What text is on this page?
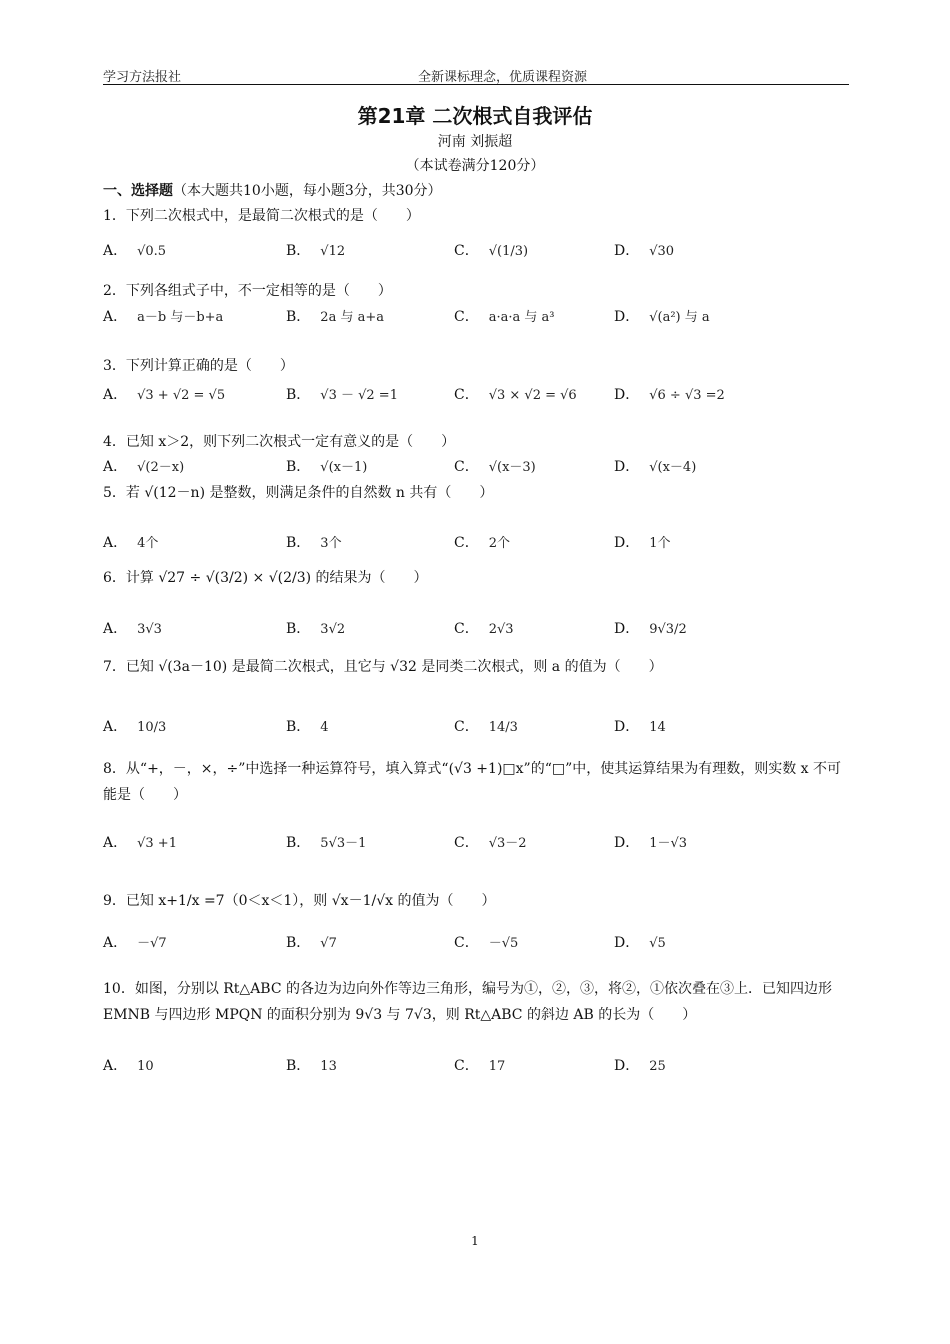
学习方法报社	全新课标理念，优质课程资源
第21章 二次根式自我评估
河南 刘振超
（本试卷满分120分）
一、选择题（本大题共10小题，每小题3分，共30分）
1．下列二次根式中，是最简二次根式的是（　　）
A． √0.5	B． √12	C． √(1/3)	D． √30
2．下列各组式子中，不一定相等的是（　　）
A． a－b 与－b+a	B． 2a 与 a+a	C． a·a·a 与 a³	D． √(a²) 与 a
3．下列计算正确的是（　　）
A． √3 + √2 = √5	B． √3 － √2 =1	C． √3 × √2 = √6	D． √6 ÷ √3 =2
4．已知 x＞2，则下列二次根式一定有意义的是（　　）
A． √(2－x)	B． √(x－1)	C． √(x－3)	D． √(x－4)
5．若 √(12－n) 是整数，则满足条件的自然数 n 共有（　　）
A． 4个	B． 3个	C． 2个	D． 1个
6．计算 √27 ÷ √(3/2) × √(2/3) 的结果为（　　）
A． 3√3	B． 3√2	C． 2√3	D． 9√3/2
7．已知 √(3a－10) 是最简二次根式，且它与 √32 是同类二次根式，则 a 的值为（　　）
A． 10/3	B． 4	C． 14/3	D． 14
8．从“+，－，×，÷”中选择一种运算符号，填入算式“(√3 +1)□x”的“□”中，使其运算结果为有理数，则实数 x 不可能是（　　）
A． √3 +1	B． 5√3－1	C． √3－2	D． 1－√3
9．已知 x+1/x =7（0＜x＜1），则 √x－1/√x 的值为（　　）
A． －√7	B． √7	C． －√5	D． √5
10．如图，分别以 Rt△ABC 的各边为边向外作等边三角形，编号为①，②，③，将②，①依次叠在③上．已知四边形 EMNB 与四边形 MPQN 的面积分别为 9√3 与 7√3，则 Rt△ABC 的斜边 AB 的长为（　　）
A． 10	B． 13	C． 17	D． 25
1
